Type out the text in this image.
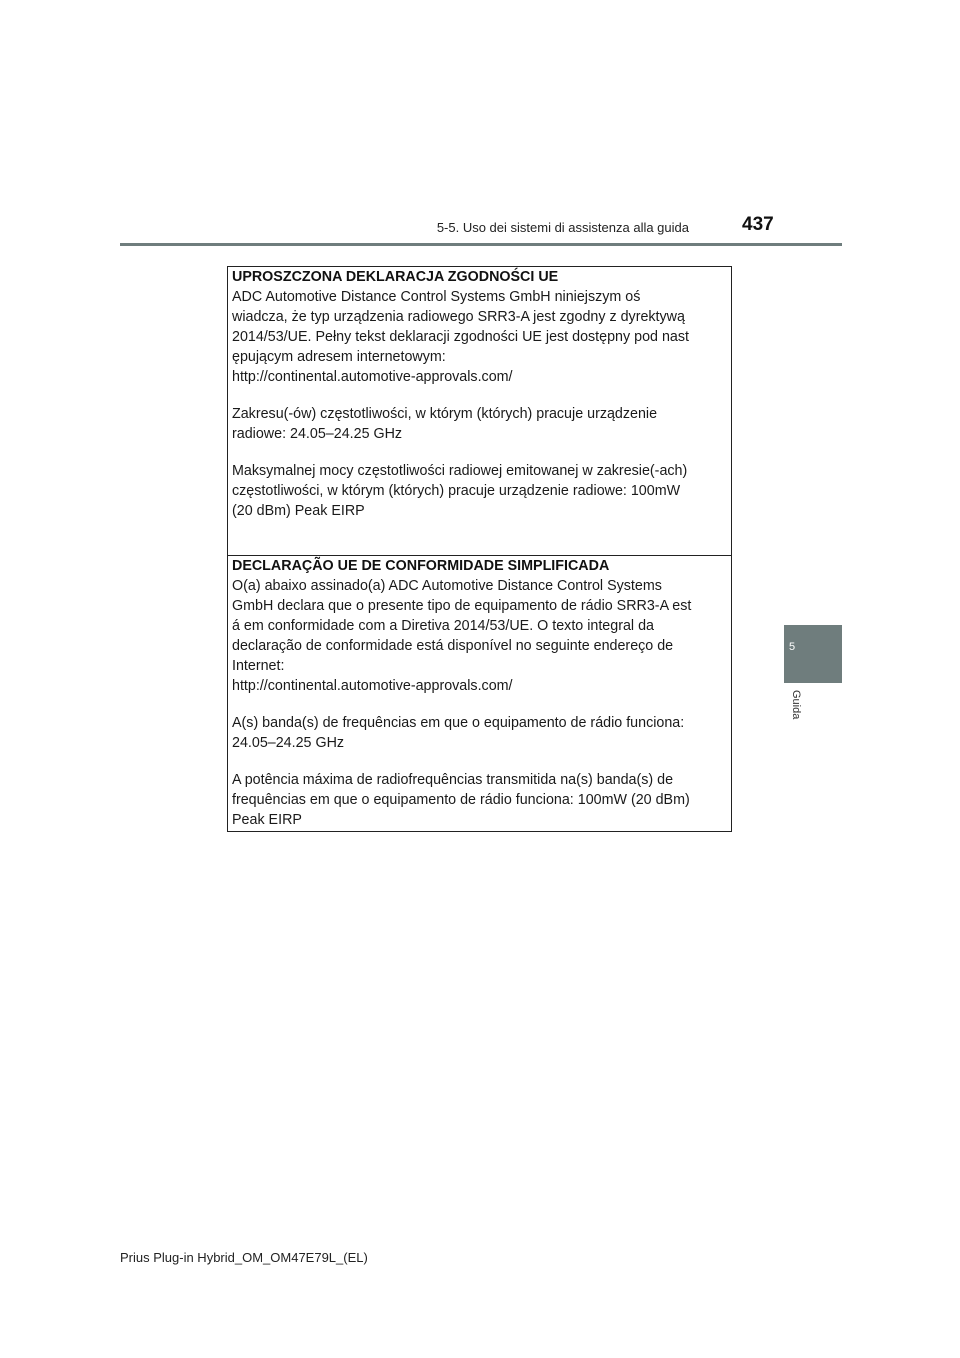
5-5. Uso dei sistemi di assistenza alla guida	437
5
Guida

UPROSZCZONA DEKLARACJA ZGODNOŚCI UE

ADC Automotive Distance Control Systems GmbH niniejszym oś

wiadcza, że typ urządzenia radiowego SRR3-A jest zgodny z dyrektywą

2014/53/UE. Pełny tekst deklaracji zgodności UE jest dostępny pod nast

ępującym adresem internetowym:

http://continental.automotive-approvals.com/

Zakresu(-ów) częstotliwości, w którym (których) pracuje urządzenie

radiowe: 24.05–24.25 GHz

Maksymalnej mocy częstotliwości radiowej emitowanej w zakresie(-ach)

częstotliwości, w którym (których) pracuje urządzenie radiowe: 100mW

(20 dBm) Peak EIRP

DECLARAÇÃO UE DE CONFORMIDADE SIMPLIFICADA

O(a) abaixo assinado(a) ADC Automotive Distance Control Systems

GmbH declara que o presente tipo de equipamento de rádio SRR3-A est

á em conformidade com a Diretiva 2014/53/UE. O texto integral da

declaração de conformidade está disponível no seguinte endereço de

Internet:

http://continental.automotive-approvals.com/

A(s) banda(s) de frequências em que o equipamento de rádio funciona:

24.05–24.25 GHz

A potência máxima de radiofrequências transmitida na(s) banda(s) de

frequências em que o equipamento de rádio funciona: 100mW (20 dBm)

Peak EIRP

Prius Plug-in Hybrid_OM_OM47E79L_(EL)
